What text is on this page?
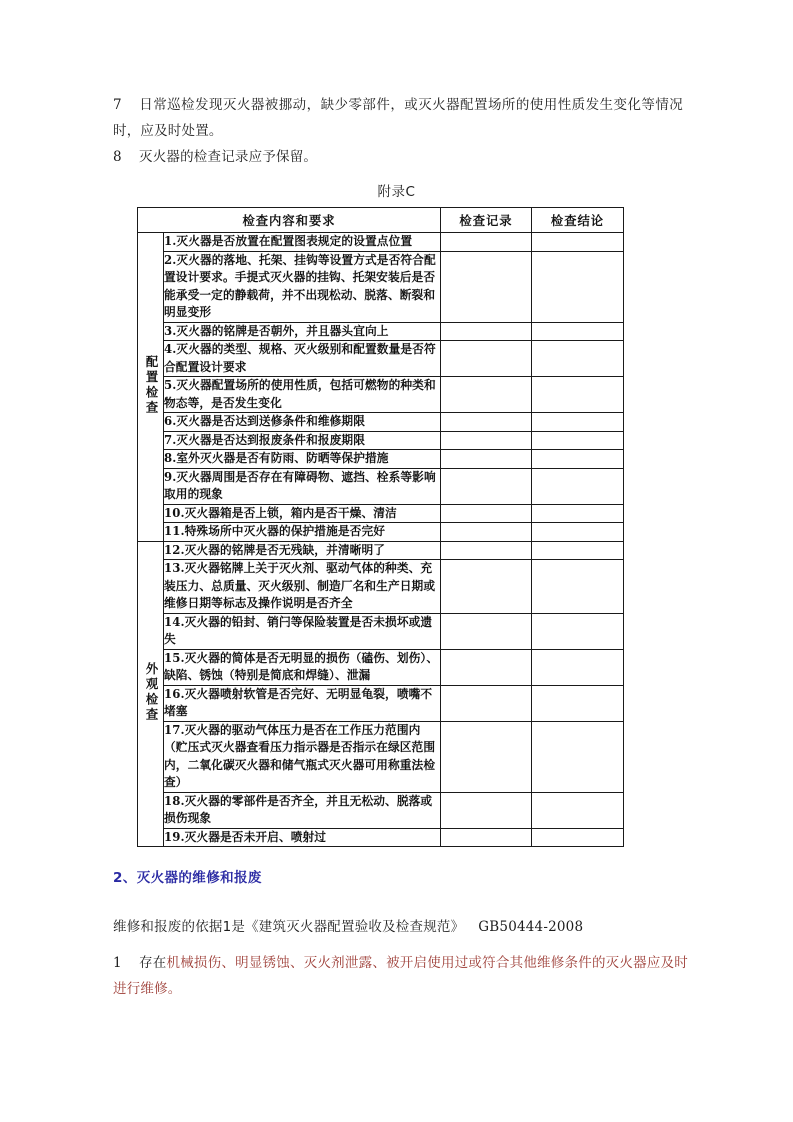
7 日常巡检发现灭火器被挪动，缺少零部件，或灭火器配置场所的使用性质发生变化等情况时，应及时处置。
8 灭火器的检查记录应予保留。
附录C
检查内容和要求		检查记录	检查结论
配置检查	1.灭火器是否放置在配置图表规定的设置点位置		
	2.灭火器的落地、托架、挂钩等设置方式是否符合配置设计要求。手提式灭火器的挂钩、托架安装后是否能承受一定的静载荷，并不出现松动、脱落、断裂和明显变形		
	3.灭火器的铭牌是否朝外，并且器头宜向上		
	4.灭火器的类型、规格、灭火级别和配置数量是否符合配置设计要求		
	5.灭火器配置场所的使用性质，包括可燃物的种类和物态等，是否发生变化		
	6.灭火器是否达到送修条件和维修期限		
	7.灭火器是否达到报废条件和报废期限		
	8.室外灭火器是否有防雨、防晒等保护措施		
	9.灭火器周围是否存在有障碍物、遮挡、栓系等影响取用的现象		
	10.灭火器箱是否上锁，箱内是否干燥、清洁		
	11.特殊场所中灭火器的保护措施是否完好		
外观检查	12.灭火器的铭牌是否无残缺，并清晰明了		
	13.灭火器铭牌上关于灭火剂、驱动气体的种类、充装压力、总质量、灭火级别、制造厂名和生产日期或维修日期等标志及操作说明是否齐全		
	14.灭火器的铅封、销闩等保险装置是否未损坏或遗失		
	15.灭火器的简体是否无明显的损伤（磕伤、划伤）、缺陷、锈蚀（特别是简底和焊缝）、泄漏		
	16.灭火器喷射软管是否完好、无明显龟裂，喷嘴不堵塞		
	17.灭火器的驱动气体压力是否在工作压力范围内（贮压式灭火器查看压力指示器是否指示在绿区范围内，二氧化碳灭火器和储气瓶式灭火器可用称重法检查）		
	18.灭火器的零部件是否齐全，并且无松动、脱落或损伤现象		
	19.灭火器是否未开启、喷射过		
2、灭火器的维修和报废
维修和报废的依据1是《建筑灭火器配置验收及检查规范》 GB50444-2008
1 存在机械损伤、明显锈蚀、灭火剂泄露、被开启使用过或符合其他维修条件的灭火器应及时进行维修。
